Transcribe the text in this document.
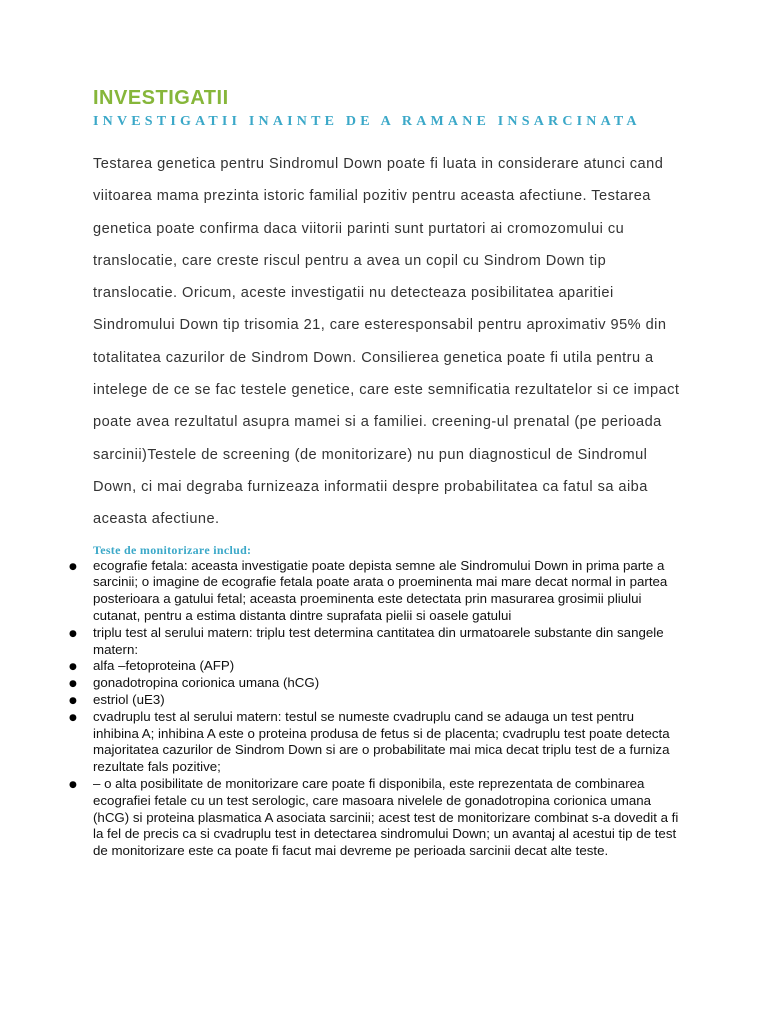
INVESTIGATII
INVESTIGATII INAINTE DE A RAMANE INSARCINATA

Testarea genetica pentru Sindromul Down poate fi luata in considerare atunci cand viitoarea mama prezinta istoric familial pozitiv pentru aceasta afectiune. Testarea genetica poate confirma daca viitorii parinti sunt purtatori ai cromozomului cu translocatie, care creste riscul pentru a avea un copil cu Sindrom Down tip translocatie. Oricum, aceste investigatii nu detecteaza posibilitatea aparitiei Sindromului Down tip trisomia 21, care esteresponsabil pentru aproximativ 95% din totalitatea cazurilor de Sindrom Down. Consilierea genetica poate fi utila pentru a intelege de ce se fac testele genetice, care este semnificatia rezultatelor si ce impact poate avea rezultatul asupra mamei si a familiei. creening-ul prenatal (pe perioada sarcinii)Testele de screening (de monitorizare) nu pun diagnosticul de Sindromul Down, ci mai degraba furnizeaza informatii despre probabilitatea ca fatul sa aiba aceasta afectiune.

Teste de monitorizare includ:
● ecografie fetala: aceasta investigatie poate depista semne ale Sindromului Down in prima parte a sarcinii; o imagine de ecografie fetala poate arata o proeminenta mai mare decat normal in partea posterioara a gatului fetal; aceasta proeminenta este detectata prin masurarea grosimii pliului cutanat, pentru a estima distanta dintre suprafata pielii si oasele gatului
● triplu test al serului matern: triplu test determina cantitatea din urmatoarele substante din sangele matern:
● alfa –fetoproteina (AFP)
● gonadotropina corionica umana (hCG)
● estriol (uE3)
● cvadruplu test al serului matern: testul se numeste cvadruplu cand se adauga un test pentru inhibina A; inhibina A este o proteina produsa de fetus si de placenta; cvadruplu test poate detecta majoritatea cazurilor de Sindrom Down si are o probabilitate mai mica decat triplu test de a furniza rezultate fals pozitive;
● – o alta posibilitate de monitorizare care poate fi disponibila, este reprezentata de combinarea ecografiei fetale cu un test serologic, care masoara nivelele de gonadotropina corionica umana (hCG) si proteina plasmatica A asociata sarcinii; acest test de monitorizare combinat s-a dovedit a fi la fel de precis ca si cvadruplu test in detectarea sindromului Down; un avantaj al acestui tip de test de monitorizare este ca poate fi facut mai devreme pe perioada sarcinii decat alte teste.
